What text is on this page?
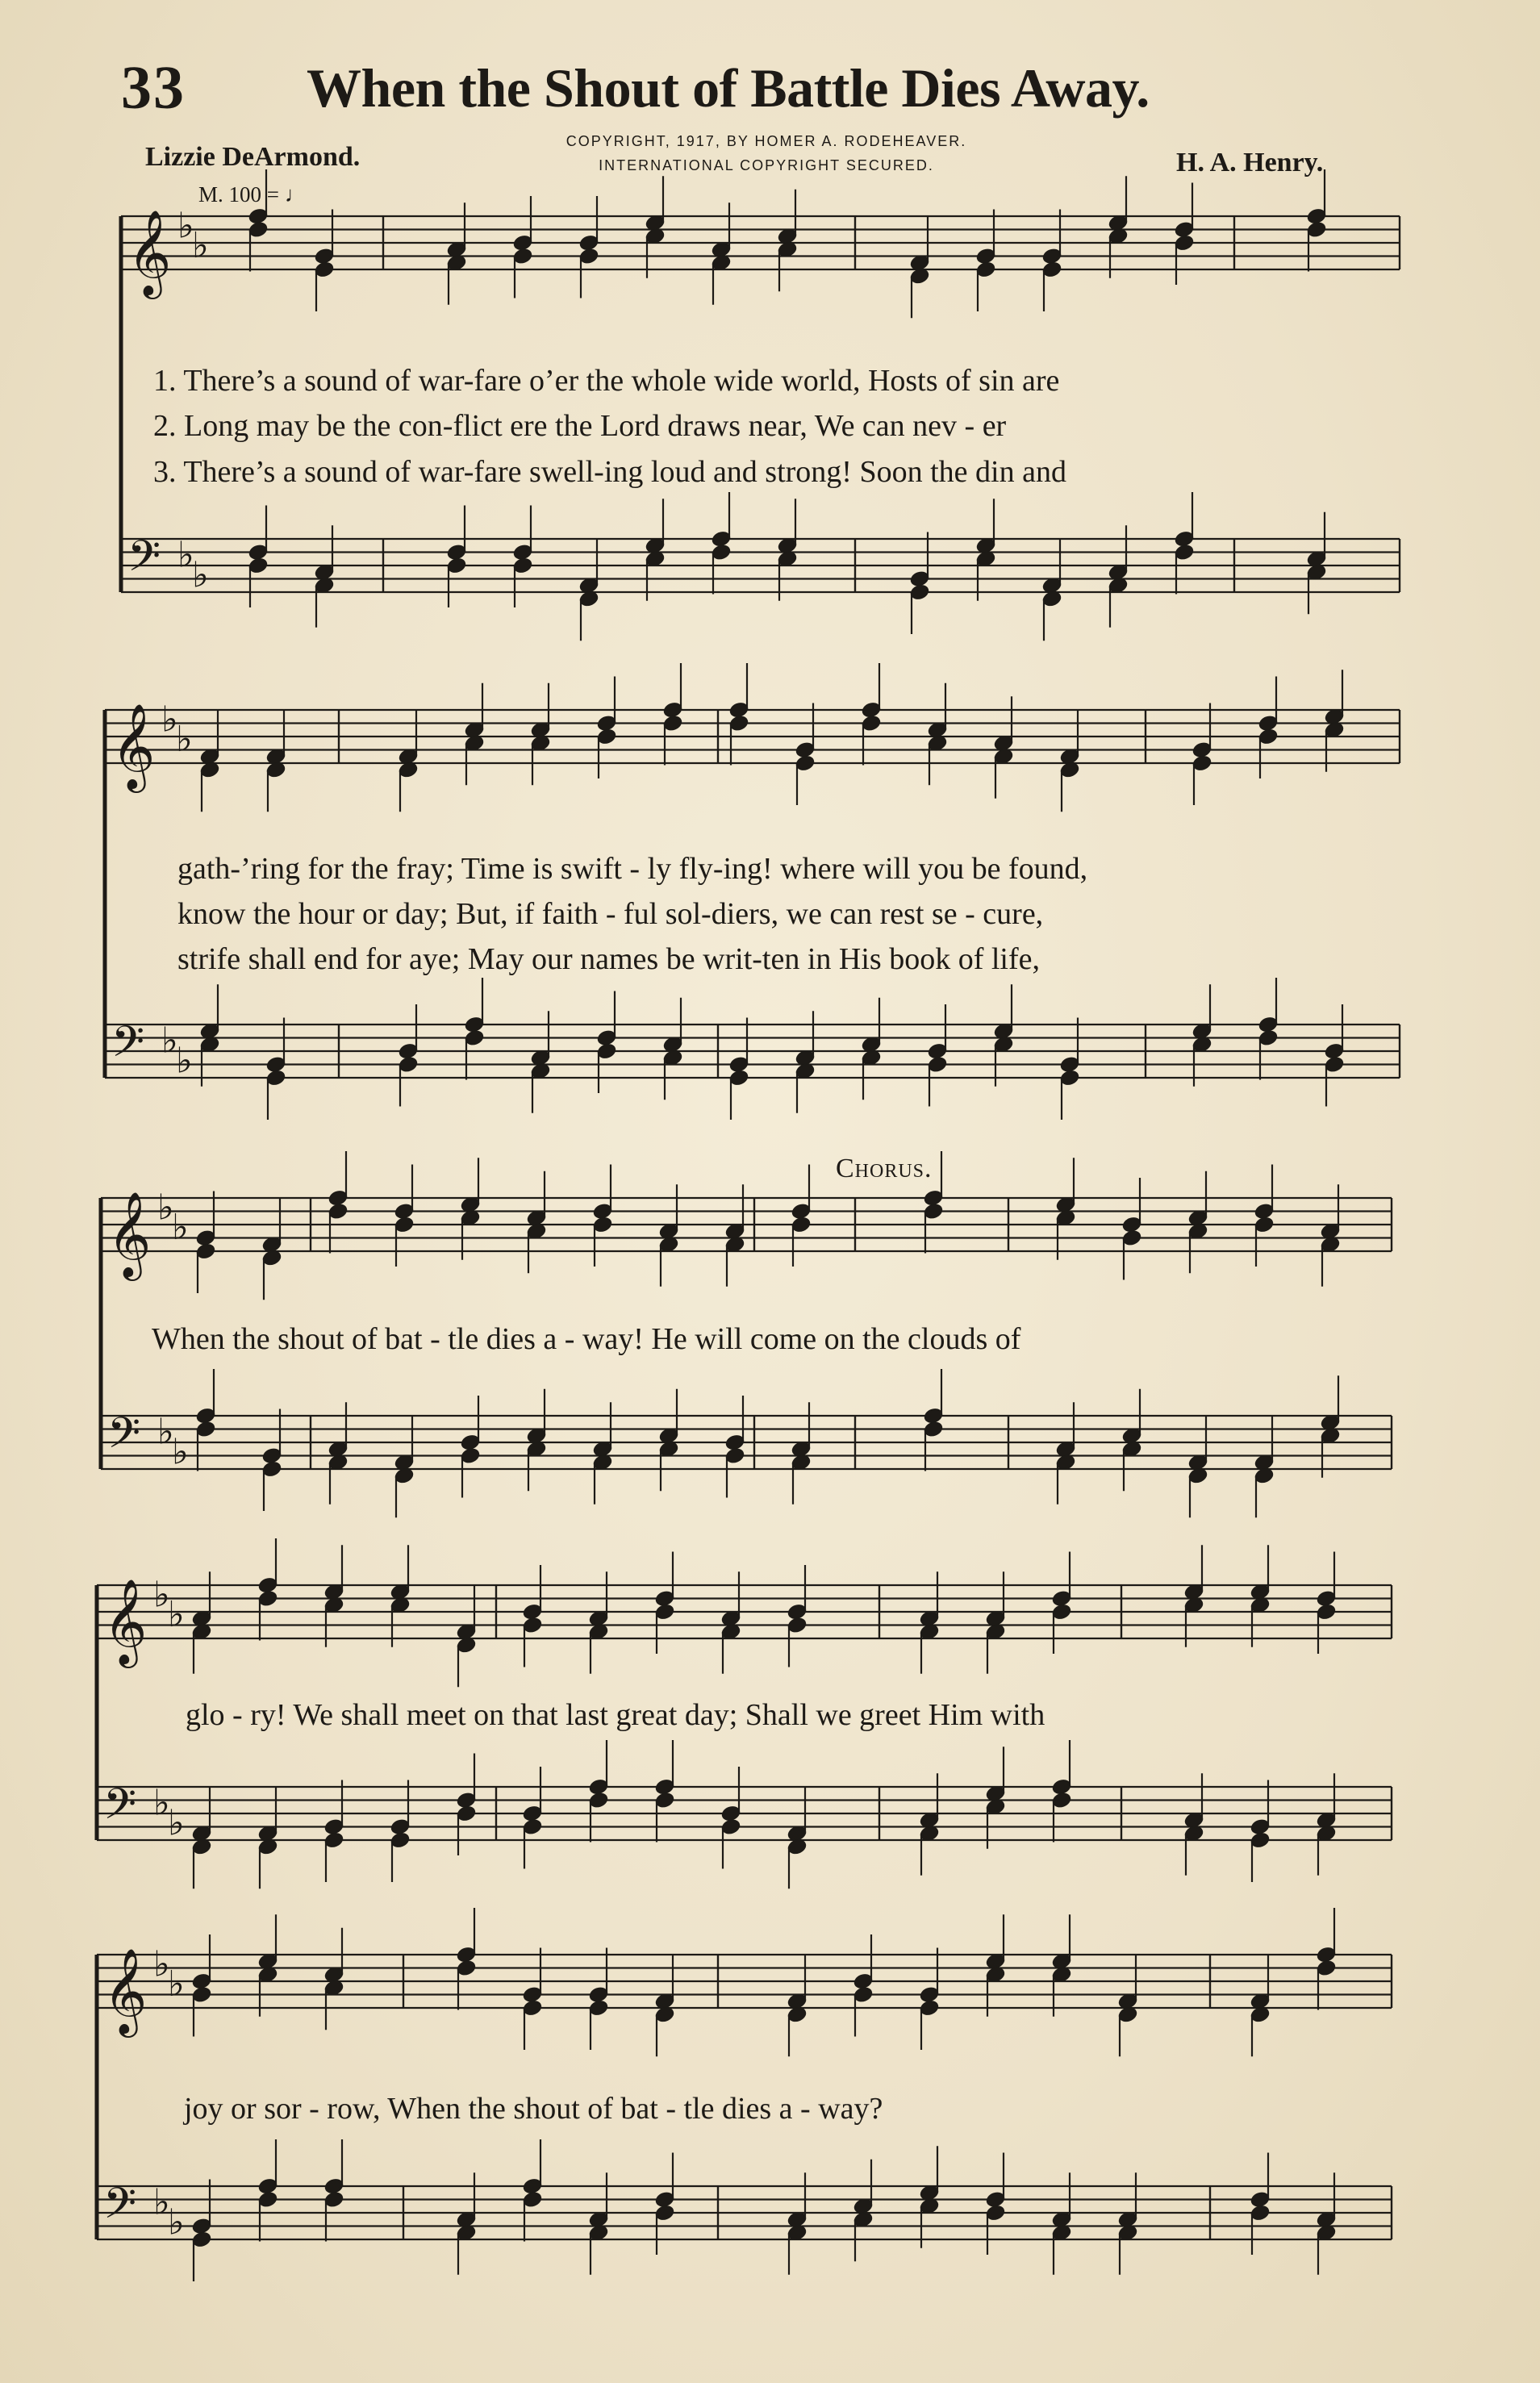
33 When the Shout of Battle Dies Away.
Lizzie DeArmond.
COPYRIGHT, 1917, BY HOMER A. RODEHEAVER.
INTERNATIONAL COPYRIGHT SECURED.	H. A. Henry.
M. 100 = ♩
Chorus.
𝄞 ♭
♭
𝄢 ♭
♭
𝄞 ♭
♭
𝄢 ♭
♭
𝄞 ♭
♭
𝄢 ♭
♭
𝄞 ♭
♭
𝄢 ♭
♭
𝄞 ♭
♭
𝄢 ♭
♭
1. There’s a sound of war-fare o’er the whole wide world, Hosts of sin are
2. Long may be the con-flict ere the Lord draws near, We can nev - er
3. There’s a sound of war-fare swell-ing loud and strong! Soon the din and
gath-’ring for the fray; Time is swift - ly fly-ing! where will you be found,
know the hour or day; But, if faith - ful sol-diers, we can rest se - cure,
strife shall end for aye; May our names be writ-ten in His book of life,
When the shout of bat - tle dies a - way! He will come on the clouds of
glo - ry! We shall meet on that last great day; Shall we greet Him with
joy or sor - row, When the shout of bat - tle dies a - way?
